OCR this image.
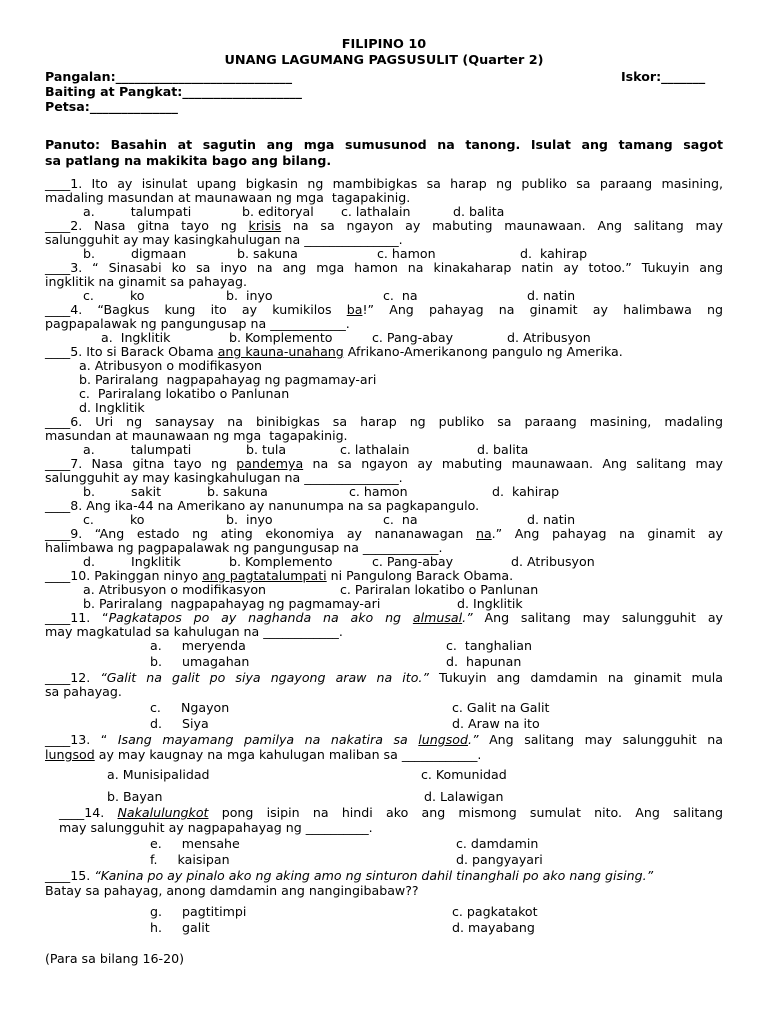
FILIPINO 10
UNANG LAGUMANG PAGSUSULIT (Quarter 2)
Pangalan:____________________________	Iskor:_______
Baiting at Pangkat:___________________
Petsa:______________
Panuto: Basahin at sagutin ang mga sumusunod na tanong. Isulat ang tamang sagot
sa patlang na makikita bago ang bilang.
____1. Ito ay isinulat upang bigkasin ng mambibigkas sa harap ng publiko sa paraang masining,
madaling masundan at maunawaan ng mga  tagapakinig.
a.         talumpati	b. editoryal c. lathalain	d. balita
____2. Nasa gitna tayo ng krisis na sa ngayon ay mabuting maunawaan. Ang salitang may
salungguhit ay may kasingkahulugan na _______________.
b.         digmaan	b. sakuna	c. hamon	d.  kahirap
____3. “ Sinasabi ko sa inyo na ang mga hamon na kinakaharap natin ay totoo.” Tukuyin ang
ingklitik na ginamit sa pahayag.
c.         ko	b.  inyo	c.  na	d. natin
____4. “Bagkus kung ito ay kumikilos ba!” Ang pahayag na ginamit ay halimbawa ng
pagpapalawak ng pangungusap na ____________.
a.  Ingklitik	b. Komplemento	c. Pang-abay	d. Atribusyon
____5. Ito si Barack Obama ang kauna-unahang Afrikano-Amerikanong pangulo ng Amerika.
a. Atribusyon o modifikasyon
b. Pariralang  nagpapahayag ng pagmamay-ari
c.  Pariralang lokatibo o Panlunan
d. Ingklitik
____6. Uri ng sanaysay na binibigkas sa harap ng publiko sa paraang masining, madaling
masundan at maunawaan ng mga  tagapakinig.
a.         talumpati	b. tula	c. lathalain	d. balita
____7. Nasa gitna tayo ng pandemya na sa ngayon ay mabuting maunawaan. Ang salitang may
salungguhit ay may kasingkahulugan na _______________.
b.         sakit	b. sakuna	c. hamon	d.  kahirap
____8. Ang ika-44 na Amerikano ay nanunumpa na sa pagkapangulo.
c.         ko	b.  inyo	c.  na	d. natin
____9. “Ang estado ng ating ekonomiya ay nananawagan na.” Ang pahayag na ginamit ay
halimbawa ng pagpapalawak ng pangungusap na ____________.
d.         Ingklitik	b. Komplemento	c. Pang-abay	d. Atribusyon
____10. Pakinggan ninyo ang pagtatalumpati ni Pangulong Barack Obama.
a. Atribusyon o modifikasyon	c. Pariralan lokatibo o Panlunan
b. Pariralang  nagpapahayag ng pagmamay-ari	d. Ingklitik
____11. “Pagkatapos po ay naghanda na ako ng almusal.” Ang salitang may salungguhit ay
may magkatulad sa kahulugan na ____________.
a.     meryenda	c.  tanghalian
b.     umagahan	d.  hapunan
____12. “Galit na galit po siya ngayong araw na ito.” Tukuyin ang damdamin na ginamit mula
sa pahayag.
c.     Ngayon	c. Galit na Galit
d.     Siya	d. Araw na ito
____13. “ Isang mayamang pamilya na nakatira sa lungsod.” Ang salitang may salungguhit na
lungsod ay may kaugnay na mga kahulugan maliban sa ____________.
a. Munisipalidad	c. Komunidad
b. Bayan	d. Lalawigan
____14. Nakalulungkot pong isipin na hindi ako ang mismong sumulat nito. Ang salitang
may salungguhit ay nagpapahayag ng __________.
e.     mensahe	c. damdamin
f.     kaisipan	d. pangyayari
____15. “Kanina po ay pinalo ako ng aking amo ng sinturon dahil tinanghali po ako nang gising.”
Batay sa pahayag, anong damdamin ang nangingibabaw??
g.     pagtitimpi	c. pagkatakot
h.     galit	d. mayabang
(Para sa bilang 16-20)
